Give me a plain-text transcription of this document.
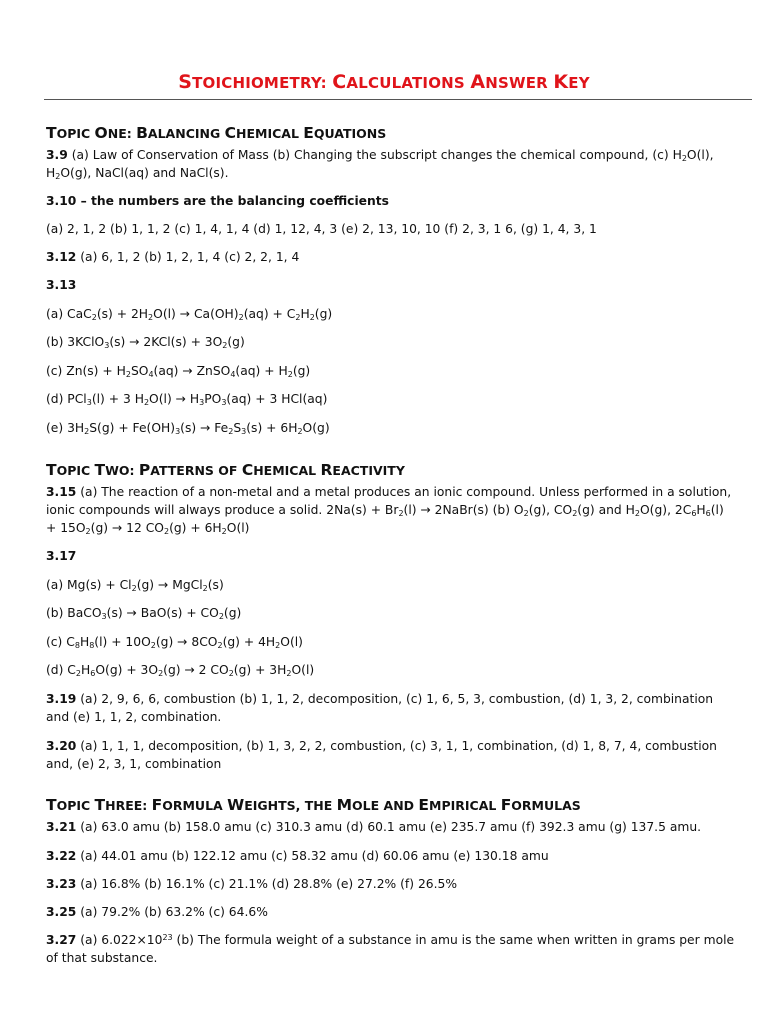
STOICHIOMETRY: CALCULATIONS ANSWER KEY
TOPIC ONE: BALANCING CHEMICAL EQUATIONS
3.9 (a) Law of Conservation of Mass (b) Changing the subscript changes the chemical compound, (c) $H_2O(l)$,
$H_2O(g)$, NaCl(aq) and NaCl(s).
3.10 – the numbers are the balancing coefficients
(a) 2, 1, 2 (b) 1, 1, 2 (c) 1, 4, 1, 4 (d) 1, 12, 4, 3 (e) 2, 13, 10, 10 (f) 2, 3, 1 6, (g) 1, 4, 3, 1
3.12 (a) 6, 1, 2 (b) 1, 2, 1, 4 (c) 2, 2, 1, 4
3.13
(a) $CaC_2(s) + 2H_2O(l) \to Ca(OH)_2(aq) + C_2H_2(g)$
(b) 3KClO$_3$(s) → $2KCl(s) + 3O_2(g)$
(c) $Zn(s) + H_2SO_4(aq)$ → ZnSO$_4$(aq) + $H_2(g)$
(d) PCl$_3$(l) + 3 $H_2O(l) \to H_3PO_3(aq) + 3$ HCl(aq)
(e) $3H_2S(g) + Fe(OH)_3(s) \to Fe_2S_3(s) + 6H_2O(g)$
TOPIC TWO: PATTERNS OF CHEMICAL REACTIVITY
3.15 (a) The reaction of a non-metal and a metal produces an ionic compound. Unless performed in a solution,
ionic compounds will always produce a solid. $2Na(s) + Br_2(l)$ → 2NaBr(s) (b) $O_2(g)$, $CO_2(g)$ and $H_2O(g)$, $2C_6H_6(l)$
+ $15O_2(g) \to 12$ $CO_2(g) + 6H_2O(l)$
3.17
(a) $Mg(s) + Cl_2(g)$ → MgCl$_2$(s)
(b) BaCO$_3$(s) → $BaO(s) + CO_2(g)$
(c) $C_8H_8(l) + 10O_2(g) \to 8CO_2(g) + 4H_2O(l)$
(d) $C_2H_6O(g) + 3O_2(g) \to 2$ $CO_2(g) + 3H_2O(l)$
3.19 (a) 2, 9, 6, 6, combustion (b) 1, 1, 2, decomposition, (c) 1, 6, 5, 3, combustion, (d) 1, 3, 2, combination and (e) 1, 1, 2, combination.
3.20 (a) 1, 1, 1, decomposition, (b) 1, 3, 2, 2, combustion, (c) 3, 1, 1, combination, (d) 1, 8, 7, 4, combustion and, (e) 2, 3, 1, combination
TOPIC THREE: FORMULA WEIGHTS, THE MOLE AND EMPIRICAL FORMULAS
3.21 (a) 63.0 amu (b) 158.0 amu (c) 310.3 amu (d) 60.1 amu (e) 235.7 amu (f) 392.3 amu (g) 137.5 amu.
3.22 (a) 44.01 amu (b) 122.12 amu (c) 58.32 amu (d) 60.06 amu (e) 130.18 amu
3.23 (a) 16.8% (b) 16.1% (c) 21.1% (d) 28.8% (e) 27.2% (f) 26.5%
3.25 (a) 79.2% (b) 63.2% (c) 64.6%
3.27 (a) $6.022\times 10^{23}$ (b) The formula weight of a substance in amu is the same when written in grams per mole of that substance.
